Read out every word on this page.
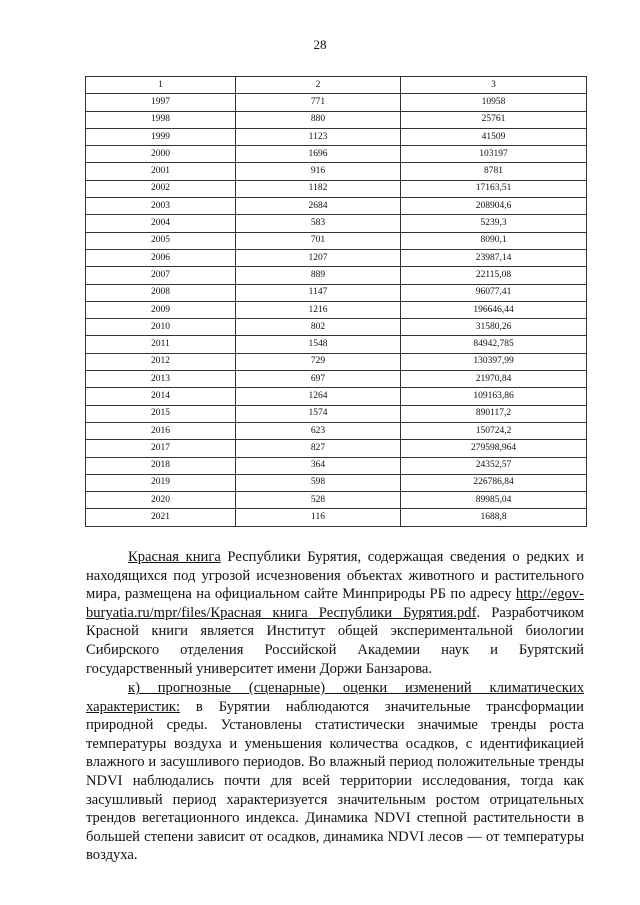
28
1	2	3
1997	771	10958
1998	880	25761
1999	1123	41509
2000	1696	103197
2001	916	8781
2002	1182	17163,51
2003	2684	208904,6
2004	583	5239,3
2005	701	8090,1
2006	1207	23987,14
2007	889	22115,08
2008	1147	96077,41
2009	1216	196646,44
2010	802	31580,26
2011	1548	84942,785
2012	729	130397,99
2013	697	21970,84
2014	1264	109163,86
2015	1574	890117,2
2016	623	150724,2
2017	827	279598,964
2018	364	24352,57
2019	598	226786,84
2020	528	89985,04
2021	116	1688,8

Красная книга Республики Бурятия, содержащая сведения о редких и находящихся под угрозой исчезновения объектах животного и растительного мира, размещена на официальном сайте Минприроды РБ по адресу http://egov-buryatia.ru/mpr/files/Красная книга Республики Бурятия.pdf. Разработчиком Красной книги является Институт общей экспериментальной биологии Сибирского отделения Российской Академии наук и Бурятский государственный университет имени Доржи Банзарова.

к) прогнозные (сценарные) оценки изменений климатических характеристик: в Бурятии наблюдаются значительные трансформации природной среды. Установлены статистически значимые тренды роста температуры воздуха и уменьшения количества осадков, с идентификацией влажного и засушливого периодов. Во влажный период положительные тренды NDVI наблюдались почти для всей территории исследования, тогда как засушливый период характеризуется значительным ростом отрицательных трендов вегетационного индекса. Динамика NDVI степной растительности в большей степени зависит от осадков, динамика NDVI лесов — от температуры воздуха.
